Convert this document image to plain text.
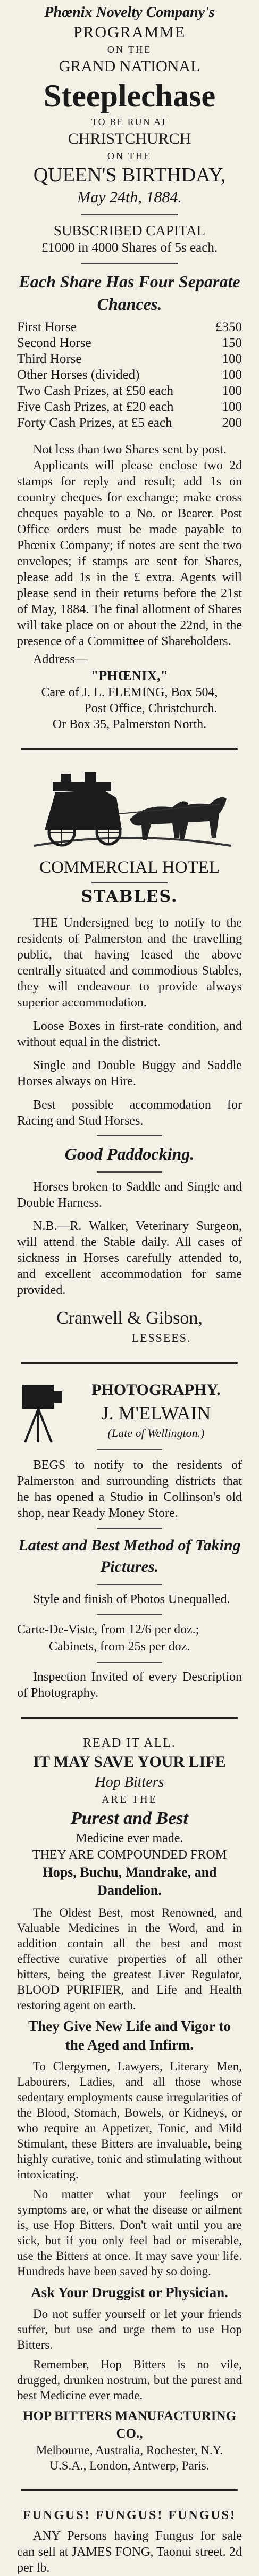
Phœnix Novelty Company's

PROGRAMME

ON THE

GRAND NATIONAL

Steeplechase

TO BE RUN AT

CHRISTCHURCH

ON THE

QUEEN'S BIRTHDAY,

May 24th, 1884.

SUBSCRIBED CAPITAL

£1000 in 4000 Shares of 5s each.

Each Share Has Four Separate Chances.

First Horse	£350
Second Horse	150
Third Horse	100
Other Horses (divided)	100
Two Cash Prizes, at £50 each	100
Five Cash Prizes, at £20 each	100
Forty Cash Prizes, at £5 each	200

Not less than two Shares sent by post.

Applicants will please enclose two 2d stamps for reply and result; add 1s on country cheques for exchange; make cross cheques payable to a No. or Bearer. Post Office orders must be made payable to Phœnix Company; if notes are sent the two envelopes; if stamps are sent for Shares, please add 1s in the £ extra. Agents will please send in their returns before the 21st of May, 1884. The final allotment of Shares will take place on or about the 22nd, in the presence of a Committee of Shareholders.

Address—

"PHŒNIX,"

Care of J. L. FLEMING, Box 504,

Post Office, Christchurch.

Or Box 35, Palmerston North.

COMMERCIAL HOTEL

STABLES.

THE Undersigned beg to notify to the residents of Palmerston and the travelling public, that having leased the above centrally situated and commodious Stables, they will endeavour to provide always superior accommodation.

Loose Boxes in first-rate condition, and without equal in the district.

Single and Double Buggy and Saddle Horses always on Hire.

Best possible accommodation for Racing and Stud Horses.

Good Paddocking.

Horses broken to Saddle and Single and Double Harness.

N.B.—R. Walker, Veterinary Surgeon, will attend the Stable daily. All cases of sickness in Horses carefully attended to, and excellent accommodation for same provided.

Cranwell & Gibson,

LESSEES.

PHOTOGRAPHY.

J. M'ELWAIN

(Late of Wellington.)

BEGS to notify to the residents of Palmerston and surrounding districts that he has opened a Studio in Collinson's old shop, near Ready Money Store.

Latest and Best Method of Taking Pictures.

Style and finish of Photos Unequalled.

Carte-De-Viste, from 12/6 per doz.;

Cabinets, from 25s per doz.

Inspection Invited of every Description of Photography.

READ IT ALL.

IT MAY SAVE YOUR LIFE

Hop Bitters

ARE THE

Purest and Best

Medicine ever made.

THEY ARE COMPOUNDED FROM

Hops, Buchu, Mandrake, and Dandelion.

The Oldest Best, most Renowned, and Valuable Medicines in the Word, and in addition contain all the best and most effective curative properties of all other bitters, being the greatest Liver Regulator, BLOOD PURIFIER, and Life and Health restoring agent on earth.

They Give New Life and Vigor to the Aged and Infirm.

To Clergymen, Lawyers, Literary Men, Labourers, Ladies, and all those whose sedentary employments cause irregularities of the Blood, Stomach, Bowels, or Kidneys, or who require an Appetizer, Tonic, and Mild Stimulant, these Bitters are invaluable, being highly curative, tonic and stimulating without intoxicating.

No matter what your feelings or symptoms are, or what the disease or ailment is, use Hop Bitters. Don't wait until you are sick, but if you only feel bad or miserable, use the Bitters at once. It may save your life. Hundreds have been saved by so doing.

Ask Your Druggist or Physician.

Do not suffer yourself or let your friends suffer, but use and urge them to use Hop Bitters.

Remember, Hop Bitters is no vile, drugged, drunken nostrum, but the purest and best Medicine ever made.

HOP BITTERS MANUFACTURING CO.,

Melbourne, Australia, Rochester, N.Y. U.S.A., London, Antwerp, Paris.

FUNGUS! FUNGUS! FUNGUS!

ANY Persons having Fungus for sale can sell at JAMES FONG, Taonui street. 2d per lb.
